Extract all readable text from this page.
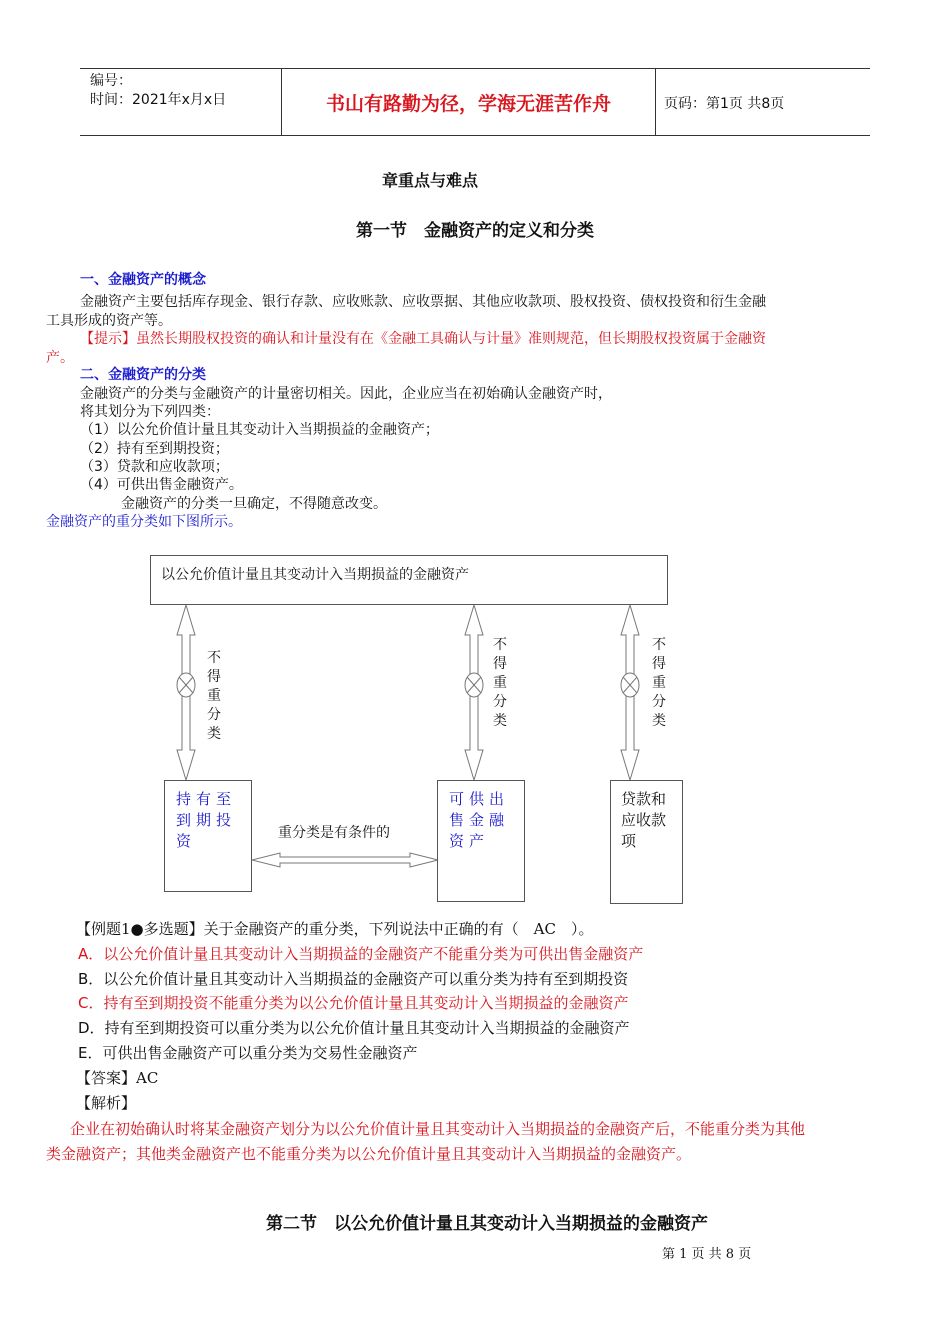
编号：
时间：2021年x月x日	书山有路勤为径，学海无涯苦作舟	页码：第1页 共8页
章重点与难点
第一节　金融资产的定义和分类
一、金融资产的概念
金融资产主要包括库存现金、银行存款、应收账款、应收票据、其他应收款项、股权投资、债权投资和衍生金融
工具形成的资产等。
【提示】虽然长期股权投资的确认和计量没有在《金融工具确认与计量》准则规范，但长期股权投资属于金融资
产。
二、金融资产的分类
金融资产的分类与金融资产的计量密切相关。因此，企业应当在初始确认金融资产时，
将其划分为下列四类：
（1）以公允价值计量且其变动计入当期损益的金融资产；
（2）持有至到期投资；
（3）贷款和应收款项；
（4）可供出售金融资产。
金融资产的分类一旦确定，不得随意改变。
金融资产的重分类如下图所示。
以公允价值计量且其变动计入当期损益的金融资产
不得重分类
不得重分类
不得重分类
持有至到期投资
可供出售金融资产
贷款和应收款项
重分类是有条件的
【例题1●多选题】关于金融资产的重分类，下列说法中正确的有（　AC　）。
A．以公允价值计量且其变动计入当期损益的金融资产不能重分类为可供出售金融资产
B．以公允价值计量且其变动计入当期损益的金融资产可以重分类为持有至到期投资
C．持有至到期投资不能重分类为以公允价值计量且其变动计入当期损益的金融资产
D．持有至到期投资可以重分类为以公允价值计量且其变动计入当期损益的金融资产
E．可供出售金融资产可以重分类为交易性金融资产
【答案】AC
【解析】
企业在初始确认时将某金融资产划分为以公允价值计量且其变动计入当期损益的金融资产后，不能重分类为其他
类金融资产；其他类金融资产也不能重分类为以公允价值计量且其变动计入当期损益的金融资产。
第二节　以公允价值计量且其变动计入当期损益的金融资产
第 1 页 共 8 页
